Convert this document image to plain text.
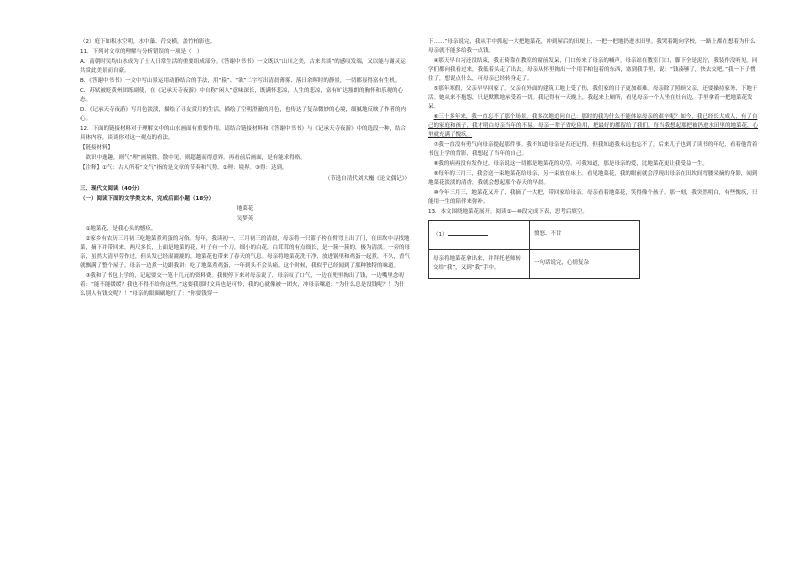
（2）庭下如积水空明，水中藻、荇交横，盖竹柏影也。

11．下列对文章的理解与分析错误的一项是（　）

A．南朝时吴均山水成为了士人日常生活的重要组成部分。《答谢中书书》一文既以“山川之美，古来共谈”的感叹发端，又以能与谢灵运共赏此美景而自豪。

B．《答谢中书书》一文中写山景运用动静结合的手法，用“猿”、“欲”二字写出清晨薄雾、落日余晖时的静景，一切都显得富有生机。

C．苏轼被贬黄州团练副使，在《记承天寺夜游》中自称“闲人”意味深长，既满怀悲凉，人生的悲凉，富有旷达豁朗的胸怀和乐观的心态。

D．《记承天寺夜游》写月色淡淡，描绘了寻友赏月的生活，描绘了空明澄澈的月色，也传达了复杂微妙的心境，细腻地反映了作者的内心。

12．下面的链接材料对于理解文中的山水画面有重要作用，请结合链接材料和《答谢中书书》与《记承天寺夜游》中的选段一种，结合具体内容，谈谈你对这一观点的看法。

【链接材料】

欲识中逸趣，则气“理”画境胜，散中见，则超越而得意界。再看前后画面，是有能求得格。

【注释】①气：古人所着“文气”指的是文章的节奏和气势。②理：境界。③得：达到。

（节选自清代刘大櫆《论文偶记》）

三、现代文阅读（40分）

（一）阅读下面的文学类文本，完成后面小题（18分）

地菜花

吴梦英

①地菜花，是我心头的憾疚。

②家乡有农历三月初三吃地菜煮鸡蛋的习俗。每年，我读初一。三月初三的清晨，母亲将一只篮子挎在臂弯上出了门，在田坎中寻找地菜，摘下并带回来。两尺多长，上面是地菜的花，叶子有一个刀，细小的白花，白茸茸的有点细长，是一簇一簇的，极为清淡。一旁的母亲，虽然大清早劳作过，但头发已经湿漉漉的，地菜花也带来了春天的气息。母亲将地菜花洗干净，放进锅里和鸡蛋一起煮，不久，香气就飘满了整个屋子。母亲一边煮一边跟我讲：吃了地菜煮鸡蛋，一年到头不会头痛。这个时候，我似乎已经闻到了那种独特的味道。

③我和了书包上学的，记起要交一笔十几元的资料费。我便停下来对母亲说了，母亲叹了口气，一边在兜里掏出了钱，一边嘴里念叨着：“能不能缓缓？我也不得不给你这些。”这要我那时文具也是可怜，我的心就像被一团火，冲母亲嚷道：“为什么总是没钱呢？！为什么别人有钱交呢？！”母亲的眼圈刷地红了：“你要钱穿一

下……”母亲说完，我从手中抓起一大把地菜花，冲到屋后的田埂上，一把一把地扔进水田里。我哭着跑向学校，一路上都在想着为什么母亲就不能多给我一点钱。

④那天早自习还没结束，我正倚靠在教室的窗前发呆，门口传来了母亲的喊声。母亲站在教室门口，脚下全是泥泞，我装作没听见。同学们都向我看过来，我低着头走了出去。母亲从怀里掏出一个用手帕包着的东西，塞到我手里，说：“钱凑够了，快去交吧。”我一下子愣住了，想说点什么，可母亲已经转身走了。

⑤那年寒假，父亲早早回家了。父亲在外面的建筑工地上受了伤，我们家的日子更加艰难。母亲除了照顾父亲，还要操持家务、下地干活。她从来不抱怨，只是默默地承受着一切。我记得有一天晚上，我起来上厕所，看见母亲一个人坐在灶台边，手里拿着一把地菜花发呆。

⑥三十多年来，我一直忘不了那个场景。我多次地追问自己：那时的我为什么不能体谅母亲的艰辛呢？如今，我已经长大成人，有了自己的家庭和孩子，我才明白母亲当年的不易。母亲一辈子省吃俭用，把最好的都留给了我们。每当我想起那把被扔进水田里的地菜花，心里就充满了愧疚。

⑦我一直没有勇气向母亲提起那件事。我不知道母亲是否还记得，但我知道我永远也忘不了。后来儿子也到了读书的年纪，看着他背着书包上学的背影，我想起了当年的自己。

⑧我的病再没有发作过。母亲说这一切都是地菜花的功劳。可我知道，那是母亲的爱，比地菜花更让我受益一生。

⑨每年的三月三，我会送一束地菜花给母亲，另一束放在床上。看见地菜花，我的眼前就会浮现出母亲在田坎间弯腰采摘的身影，闻到地菜花淡淡的清香，我就会想起那个春天的早晨。

⑩今年三月三，地菜花又开了，我摘了一大把，带回家给母亲。母亲看着地菜花，笑得像个孩子。那一刻，我突然明白，有些愧疚，只能用一生的陪伴来弥补。

13．本文围绕地菜花展开，阅读①—⑩段完成下表，思考后填空。

（1）	愤怒、不甘
母亲将地菜花拿出来，并拜托老师转交给“我”，又到“我”手中。	一句话说完，心情复杂
